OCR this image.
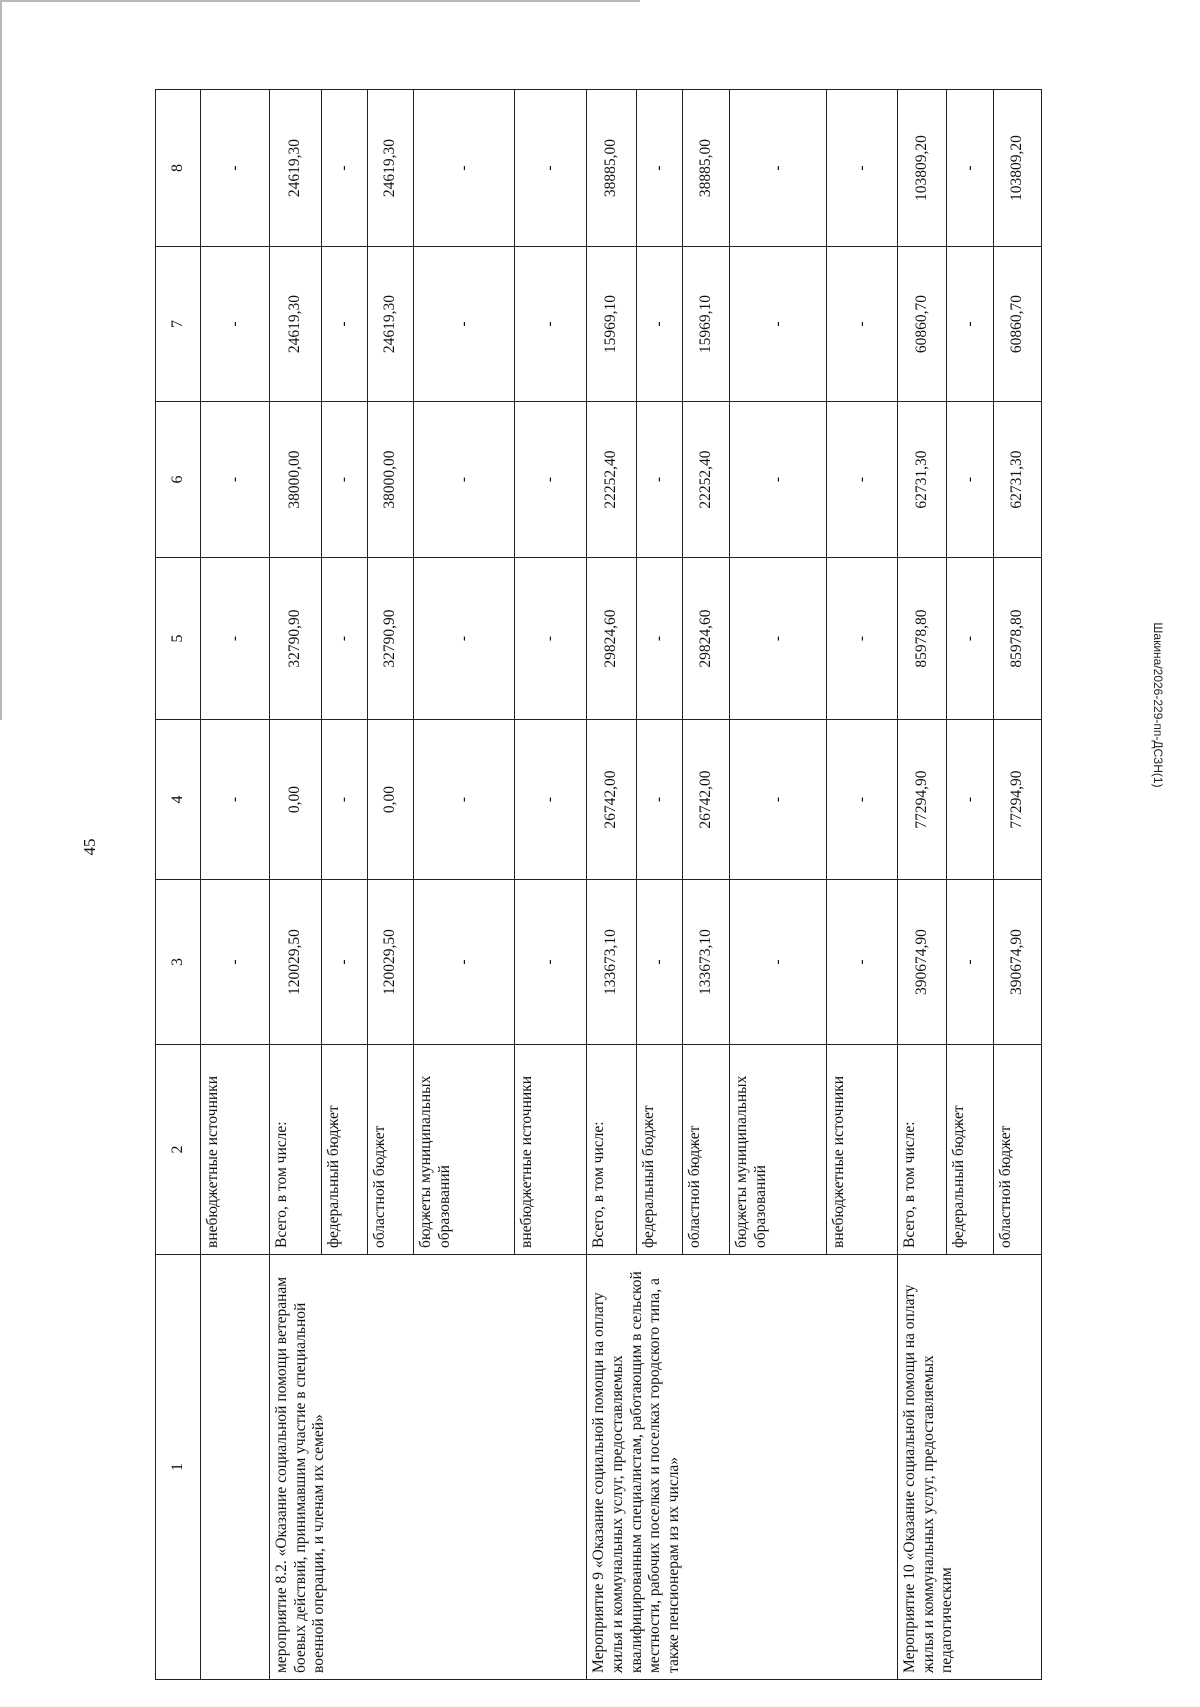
45
Шакина/2026-229-пп-ДСЗН(1)
1	2	3	4	5	6	7	8
	внебюджетные источники	-	-	-	-	-	-
мероприятие 8.2. «Оказание социальной помощи ветеранам боевых действий, принимавшим участие в специальной военной операции, и членам их семей»	Всего, в том числе:	120029,50	0,00	32790,90	38000,00	24619,30	24619,30
	федеральный бюджет	-	-	-	-	-	-
	областной бюджет	120029,50	0,00	32790,90	38000,00	24619,30	24619,30
	бюджеты муниципальных образований	-	-	-	-	-	-
	внебюджетные источники	-	-	-	-	-	-
Мероприятие 9 «Оказание социальной помощи на оплату жилья и коммунальных услуг, предоставляемых квалифицированным специалистам, работающим в сельской местности, рабочих поселках и поселках городского типа, а также пенсионерам из их числа»	Всего, в том числе:	133673,10	26742,00	29824,60	22252,40	15969,10	38885,00
	федеральный бюджет	-	-	-	-	-	-
	областной бюджет	133673,10	26742,00	29824,60	22252,40	15969,10	38885,00
	бюджеты муниципальных образований	-	-	-	-	-	-
	внебюджетные источники	-	-	-	-	-	-
Мероприятие 10 «Оказание социальной помощи на оплату жилья и коммунальных услуг, предоставляемых педагогическим	Всего, в том числе:	390674,90	77294,90	85978,80	62731,30	60860,70	103809,20
	федеральный бюджет	-	-	-	-	-	-
	областной бюджет	390674,90	77294,90	85978,80	62731,30	60860,70	103809,20
